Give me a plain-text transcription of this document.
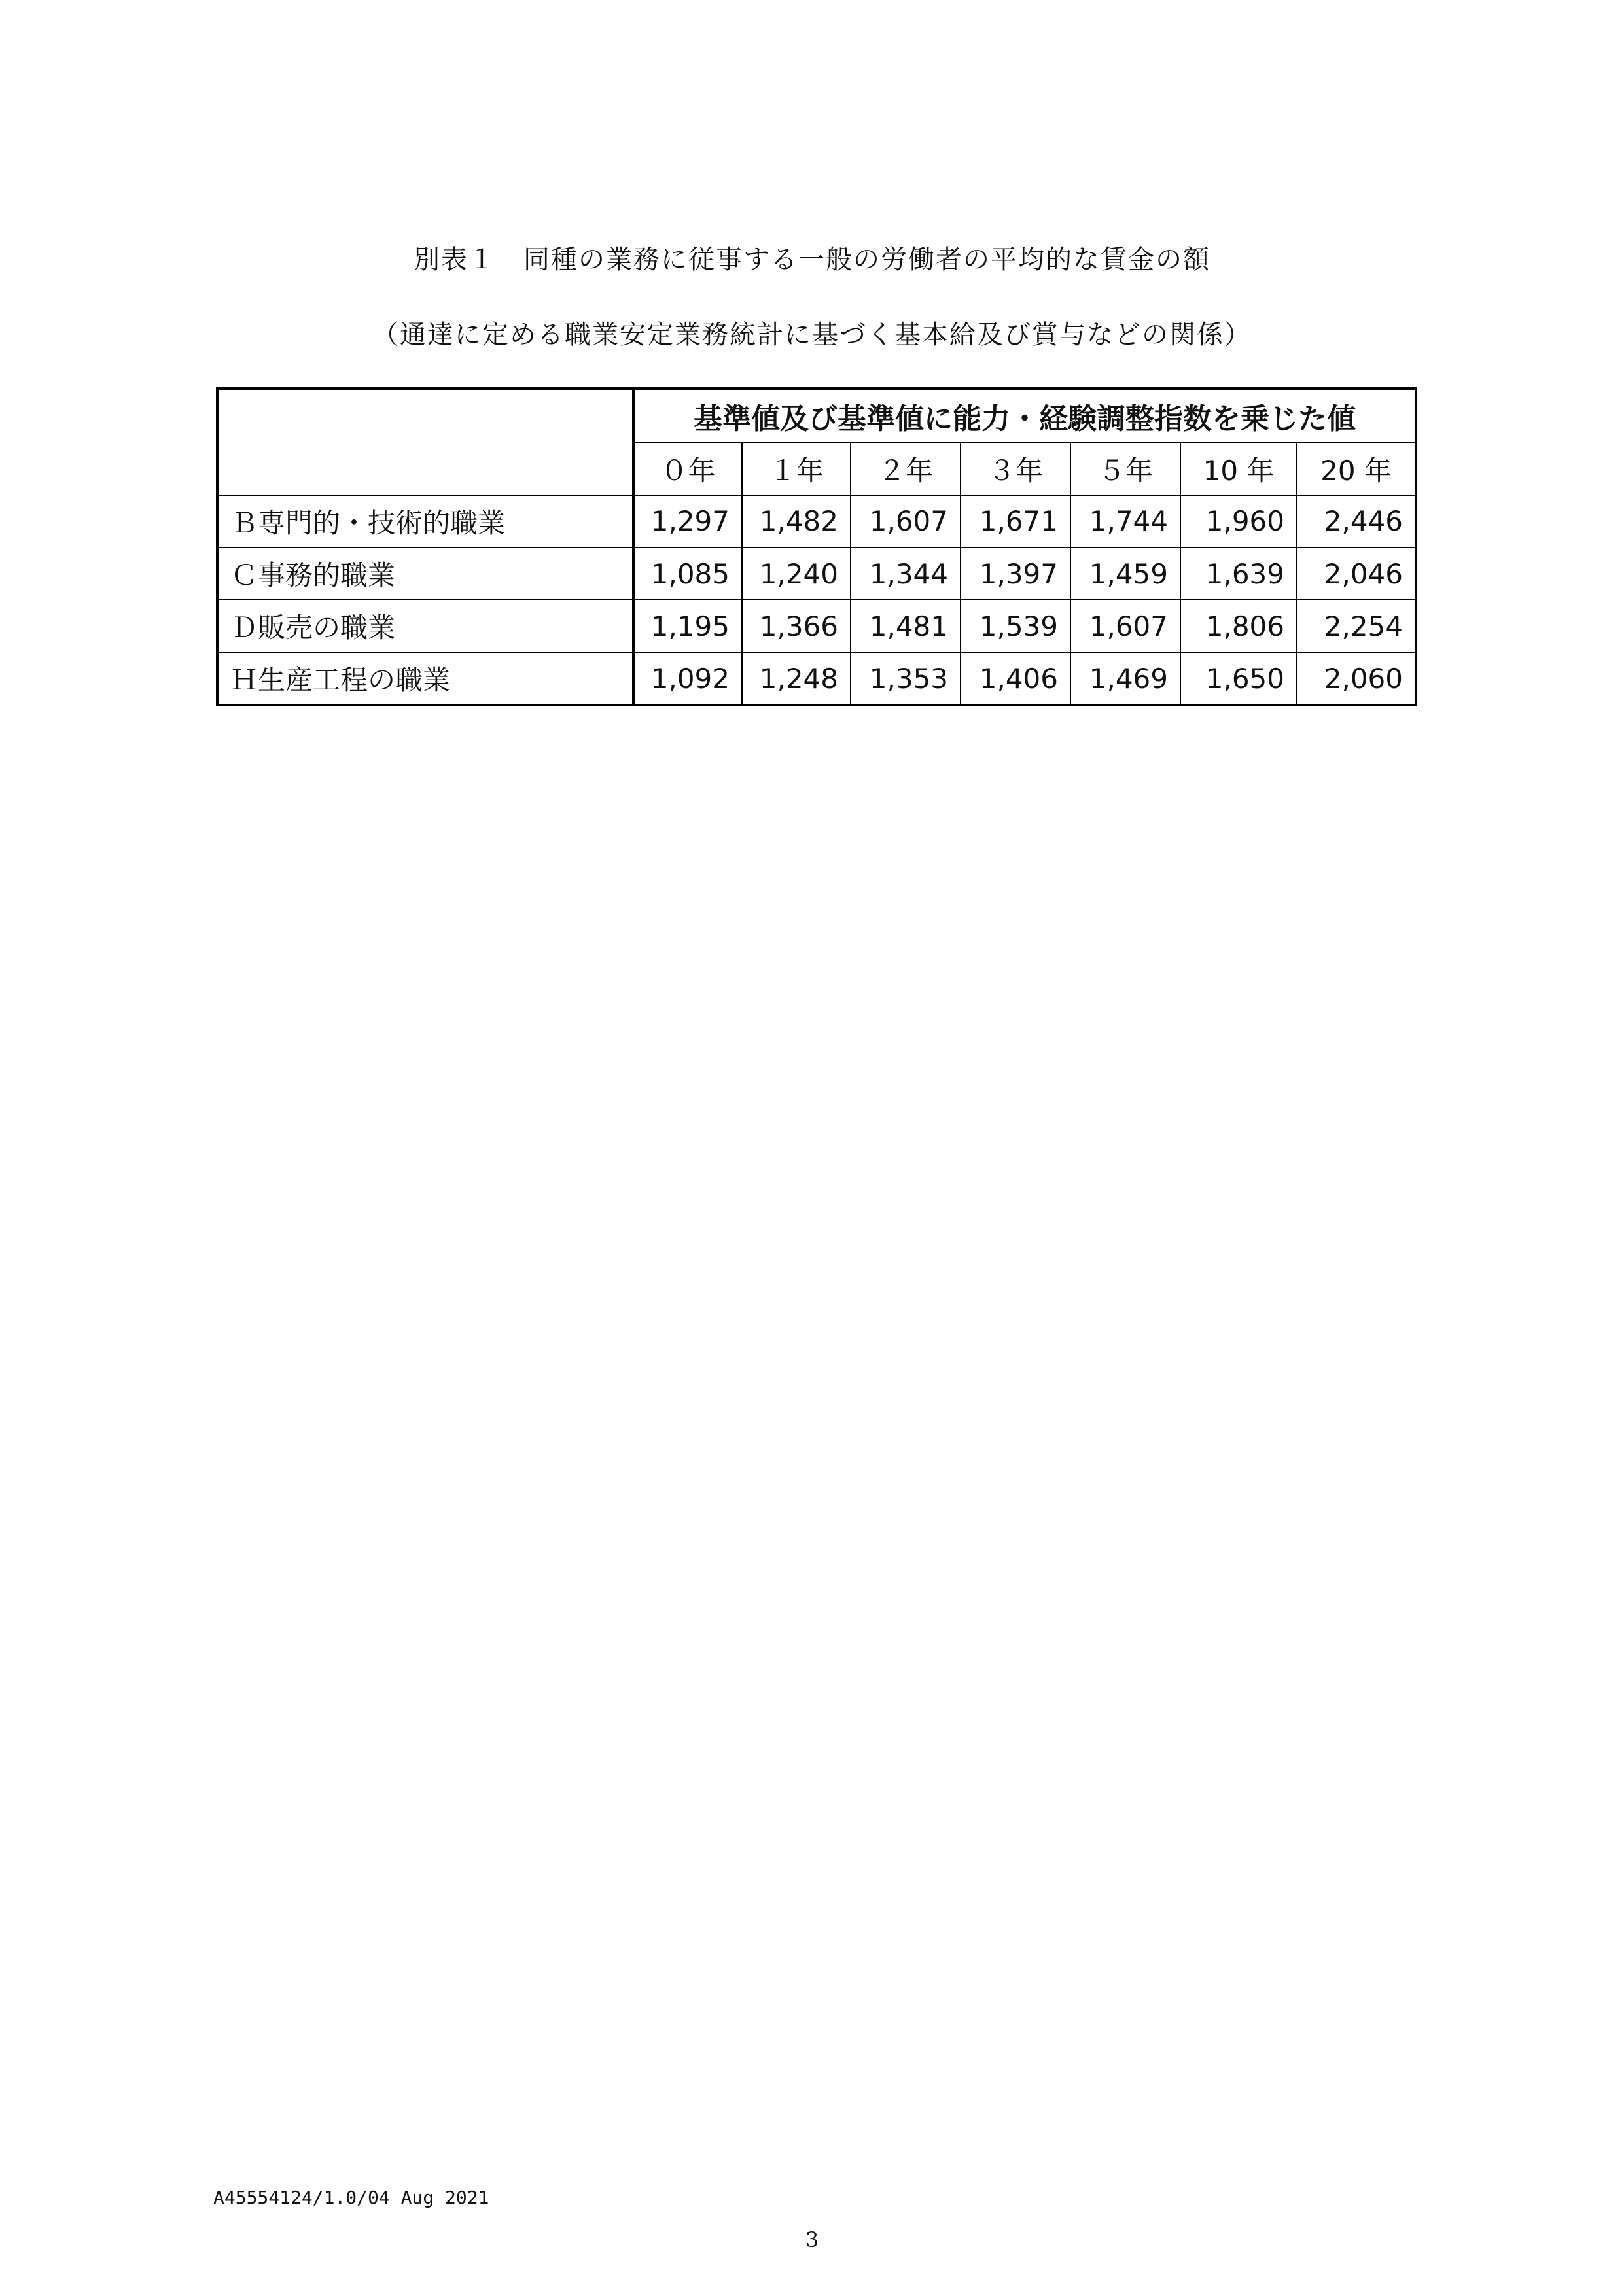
別表１　同種の業務に従事する一般の労働者の平均的な賃金の額
（通達に定める職業安定業務統計に基づく基本給及び賞与などの関係）
	基準値及び基準値に能力・経験調整指数を乗じた値						
	０年	１年	２年	３年	５年	10 年	20 年
Ｂ専門的・技術的職業	1,297	1,482	1,607	1,671	1,744	1,960	2,446
Ｃ事務的職業	1,085	1,240	1,344	1,397	1,459	1,639	2,046
Ｄ販売の職業	1,195	1,366	1,481	1,539	1,607	1,806	2,254
Ｈ生産工程の職業	1,092	1,248	1,353	1,406	1,469	1,650	2,060
A45554124/1.0/04 Aug 2021
3
